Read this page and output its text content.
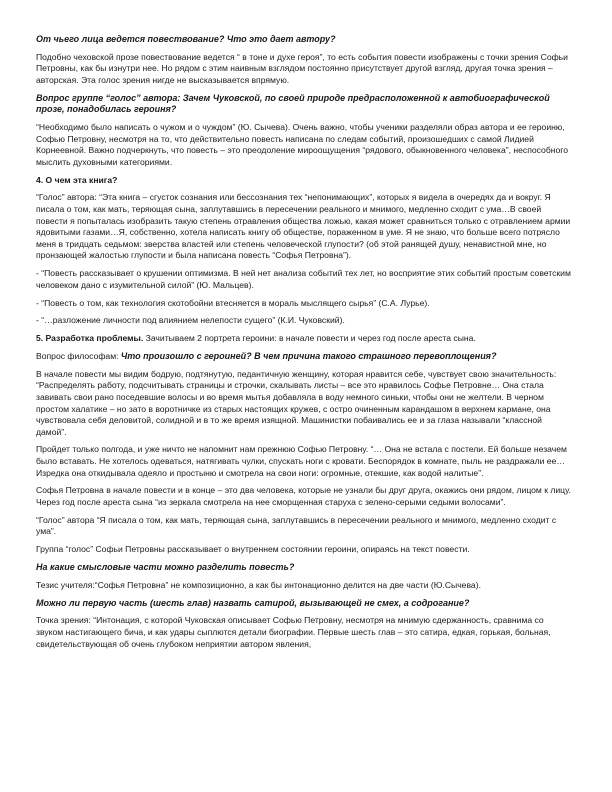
От чьего лица ведется повествование? Что это дает автору?

Подобно чеховской прозе повествование ведется “ в тоне и духе героя”, то есть события повести изображены с точки зрения Софьи Петровны, как бы изнутри нее. Но рядом с этим наивным взглядом постоянно присутствует другой взгляд, другая точка зрения – авторская. Эта голос зрения нигде не высказывается впрямую.

Вопрос группе “голос” автора: Зачем Чуковской, по своей природе предрасположенной к автобиографической прозе, понадобилась героиня?

“Необходимо было написать о чужом и о чуждом” (Ю. Сычева). Очень важно, чтобы ученики разделяли образ автора и ее героиню, Софью Петровну, несмотря на то, что действительно повесть написана по следам событий, произошедших с самой Лидией Корнеевной. Важно подчеркнуть, что повесть – это преодоление мироощущения “рядового, обыкновенного человека”, неспособного мыслить духовными категориями.

4. О чем эта книга?

“Голос” автора: “Эта книга – сгусток сознания или бессознания тех “непонимающих”, которых я видела в очередях да и вокруг. Я писала о том, как мать, теряющая сына, заплутавшись в пересечении реального и мнимого, медленно сходит с ума…В своей повести я попыталась изобразить такую степень отравления общества ложью, какая может сравниться только с отравлением армии ядовитыми газами…Я, собственно, хотела написать книгу об обществе, пораженном в уме. Я не знаю, что больше всего потрясло меня в тридцать седьмом: зверства властей или степень человеческой глупости? (об этой ранящей душу, ненавистной мне, но пронзающей жалостью глупости и была написана повесть “Софья Петровна”).

- “Повесть рассказывает о крушении оптимизма. В ней нет анализа событий тех лет, но восприятие этих событий простым советским человеком дано с изумительной силой” (Ю. Мальцев).

- “Повесть о том, как технология скотобойни втесняется в мораль мыслящего сырья” (С.А. Лурье).

- “…разложение личности под влиянием нелепости сущего” (К.И. Чуковский).

5. Разработка проблемы. Зачитываем 2 портрета героини: в начале повести и через год после ареста сына.

Вопрос философам: Что произошло с героиней? В чем причина такого страшного перевоплощения?

В начале повести мы видим бодрую, подтянутую, педантичную женщину, которая нравится себе, чувствует свою значительность: “Распределять работу, подсчитывать страницы и строчки, скалывать листы – все это нравилось Софье Петровне… Она стала завивать свои рано поседевшие волосы и во время мытья добавляла в воду немного синьки, чтобы они не желтели. В черном простом халатике – но зато в воротничке из старых настоящих кружев, с остро очиненным карандашом в верхнем кармане, она чувствовала себя деловитой, солидной и в то же время изящной. Машинистки побаивались ее и за глаза называли “классной дамой”.

Пройдет только полгода, и уже ничто не напомнит нам прежнюю Софью Петровну. “… Она не встала с постели. Ей больше незачем было вставать. Не хотелось одеваться, натягивать чулки, спускать ноги с кровати. Беспорядок в комнате, пыль не раздражали ее… Изредка она откидывала одеяло и простыню и смотрела на свои ноги: огромные, отекшие, как водой налитые”.

Софья Петровна в начале повести и в конце – это два человека, которые не узнали бы друг друга, окажись они рядом, лицом к лицу. Через год после ареста сына “из зеркала смотрела на нее сморщенная старуха с зелено-серыми седыми волосами”.

“Голос” автора “Я писала о том, как мать, теряющая сына, заплутавшись в пересечении реального и мнимого, медленно сходит с ума”.

Группа “голос” Софьи Петровны рассказывает о внутреннем состоянии героини, опираясь на текст повести.

На какие смысловые части можно разделить повесть?

Тезис учителя:“Софья Петровна” не композиционно, а как бы интонационно делится на две части (Ю.Сычева).

Можно ли первую часть (шесть глав) назвать сатирой, вызывающей не смех, а содрогание?

Точка зрения: “Интонация, с которой Чуковская описывает Софью Петровну, несмотря на мнимую сдержанность, сравнима со звуком настигающего бича, и как удары сыплются детали биографии. Первые шесть глав – это сатира, едкая, горькая, больная, свидетельствующая об очень глубоком неприятии автором явления,
